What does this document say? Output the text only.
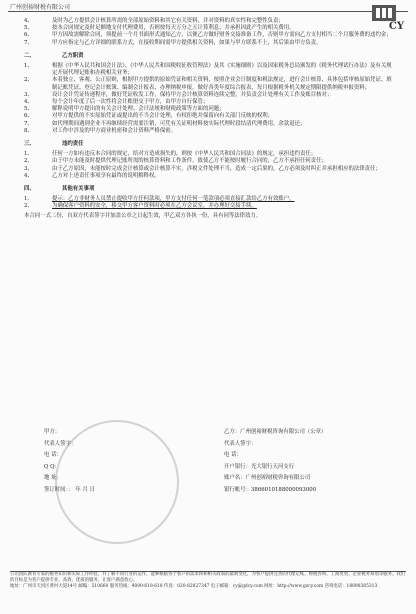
广州创裕财税有限公司
CY
4、	及时为乙方提供会计核算所需的全部原始资料和其它有关资料，并对资料的真实性和完整性负责；
5、	按本合同规定及时足额地支付代理费用，否则按每天万分之五计算利息，并承担因此产生的相关费用。
6、	甲方因故需解除合同，须提前一个月书面形式通知乙方，以便乙方做好财务交接准备工作，否则甲方需向乙方支付相当二个月服务费的违约金；
7、	甲方应指定与乙方详细的联系方式，在接收期间需甲方提供相关资料，如果与甲方联系不上，其后果由甲方负责。
二、	乙方职责
1、	根据《中华人民共和国会计法》、《中华人民共和国税收征收管理法》及其《实施细则》以及国家税务总局颁发的《税务代理试行办法》及有关规定开展代理记账和办税相关业务；
2、	本着独立、客观、公正原则，根据甲方提供的原始凭证和相关资料，按照企业会计制度和税法规定，进行会计核算，具体包括审核原始凭证、填制记账凭证、登记会计账簿、编制会计报表、办理纳税申报，做好各类年度综合报表，每月根据税务机关规定期限提供纳税申报资料；
3、	设计会计凭证传递程序，做好凭证收发工作，保持甲方会计核算资料连续完整，并负责会计处理有关工作及账目核对；
4、	每个会计年度了后一次性将会计账册交于甲方，由甲方自行保管；
5、	解释说明甲方提出的有关会计处理、会计法规和财税政策等方面的问题；
6、	对甲方提供的不实原始凭证或提出的不当会计处理，有权拒绝并保留向有关部门反映的权利；
7、	如代理期间遇到企业不再继续经营需要注销，可凭有关证明材料按实际代理时段结清代理费用，余款退还；
8、	对工作中涉及的甲方商业机密和会计资料严格保密。
三、	违约责任
1、	任何一方如有违反本合同的规定，给对方造成损失的，则按《中华人民共和国合同法》的规定，承担违约责任；
2、	由于甲方未能及时提供代理记账所需的核算资料和工作条件，致使乙方不能按时履行合同的，乙方不承担任何责任；
3、	由于乙方原因，未能按时完成会计核算或会计核算不实，涉税文件处理不当，造成一定后果的，乙方必须及时纠正并承担相应的法律责任；
4、	乙方对上述责任事项享有最终的说明解释权。
四、	其他有关事项
1、	提示：乙方非财务人员禁止提收甲方任何款项，甲方支付任何一笔款项必须直接汇款给乙方有效账户。
2、	为确保客户资料的安全，移交甲方客户资料时必须在乙方会议室，并办理好交接手续。
本合同一式二份，自双方代表签字并加盖公章之日起生效，甲乙双方各执一份，具有同等法律效力。
甲方：
代表人签字：
电 话：
Q Q：
地 址：
签订时间：： 年 月 日
乙方：广州创裕财税咨询有限公司（公章）
代表人签字：
电 话：
开户银行：光大银行天河支行
账户名：广州创裕财税咨询有限公司
银行帐号：3866010188000093000
公司团队教育专家的税务知识和实际工作经验，并了解不同行业的运作，能够根据各个客户的需求和和相关政策的最新变化，为客户提供完善的代理记账、财税咨询、工商变更、企业税务筹划等服务。我们的目标是为客户提供专业、高效、优质的服务，让客户满意放心。
地址：广州市天河区黄村大道14号 邮编：510660 服务热线：4000-618-618 传真：020-82827347 电子邮箱：cy@gdcy.com 网址：http://www.gzcy.com 咨询电话：18898385313
